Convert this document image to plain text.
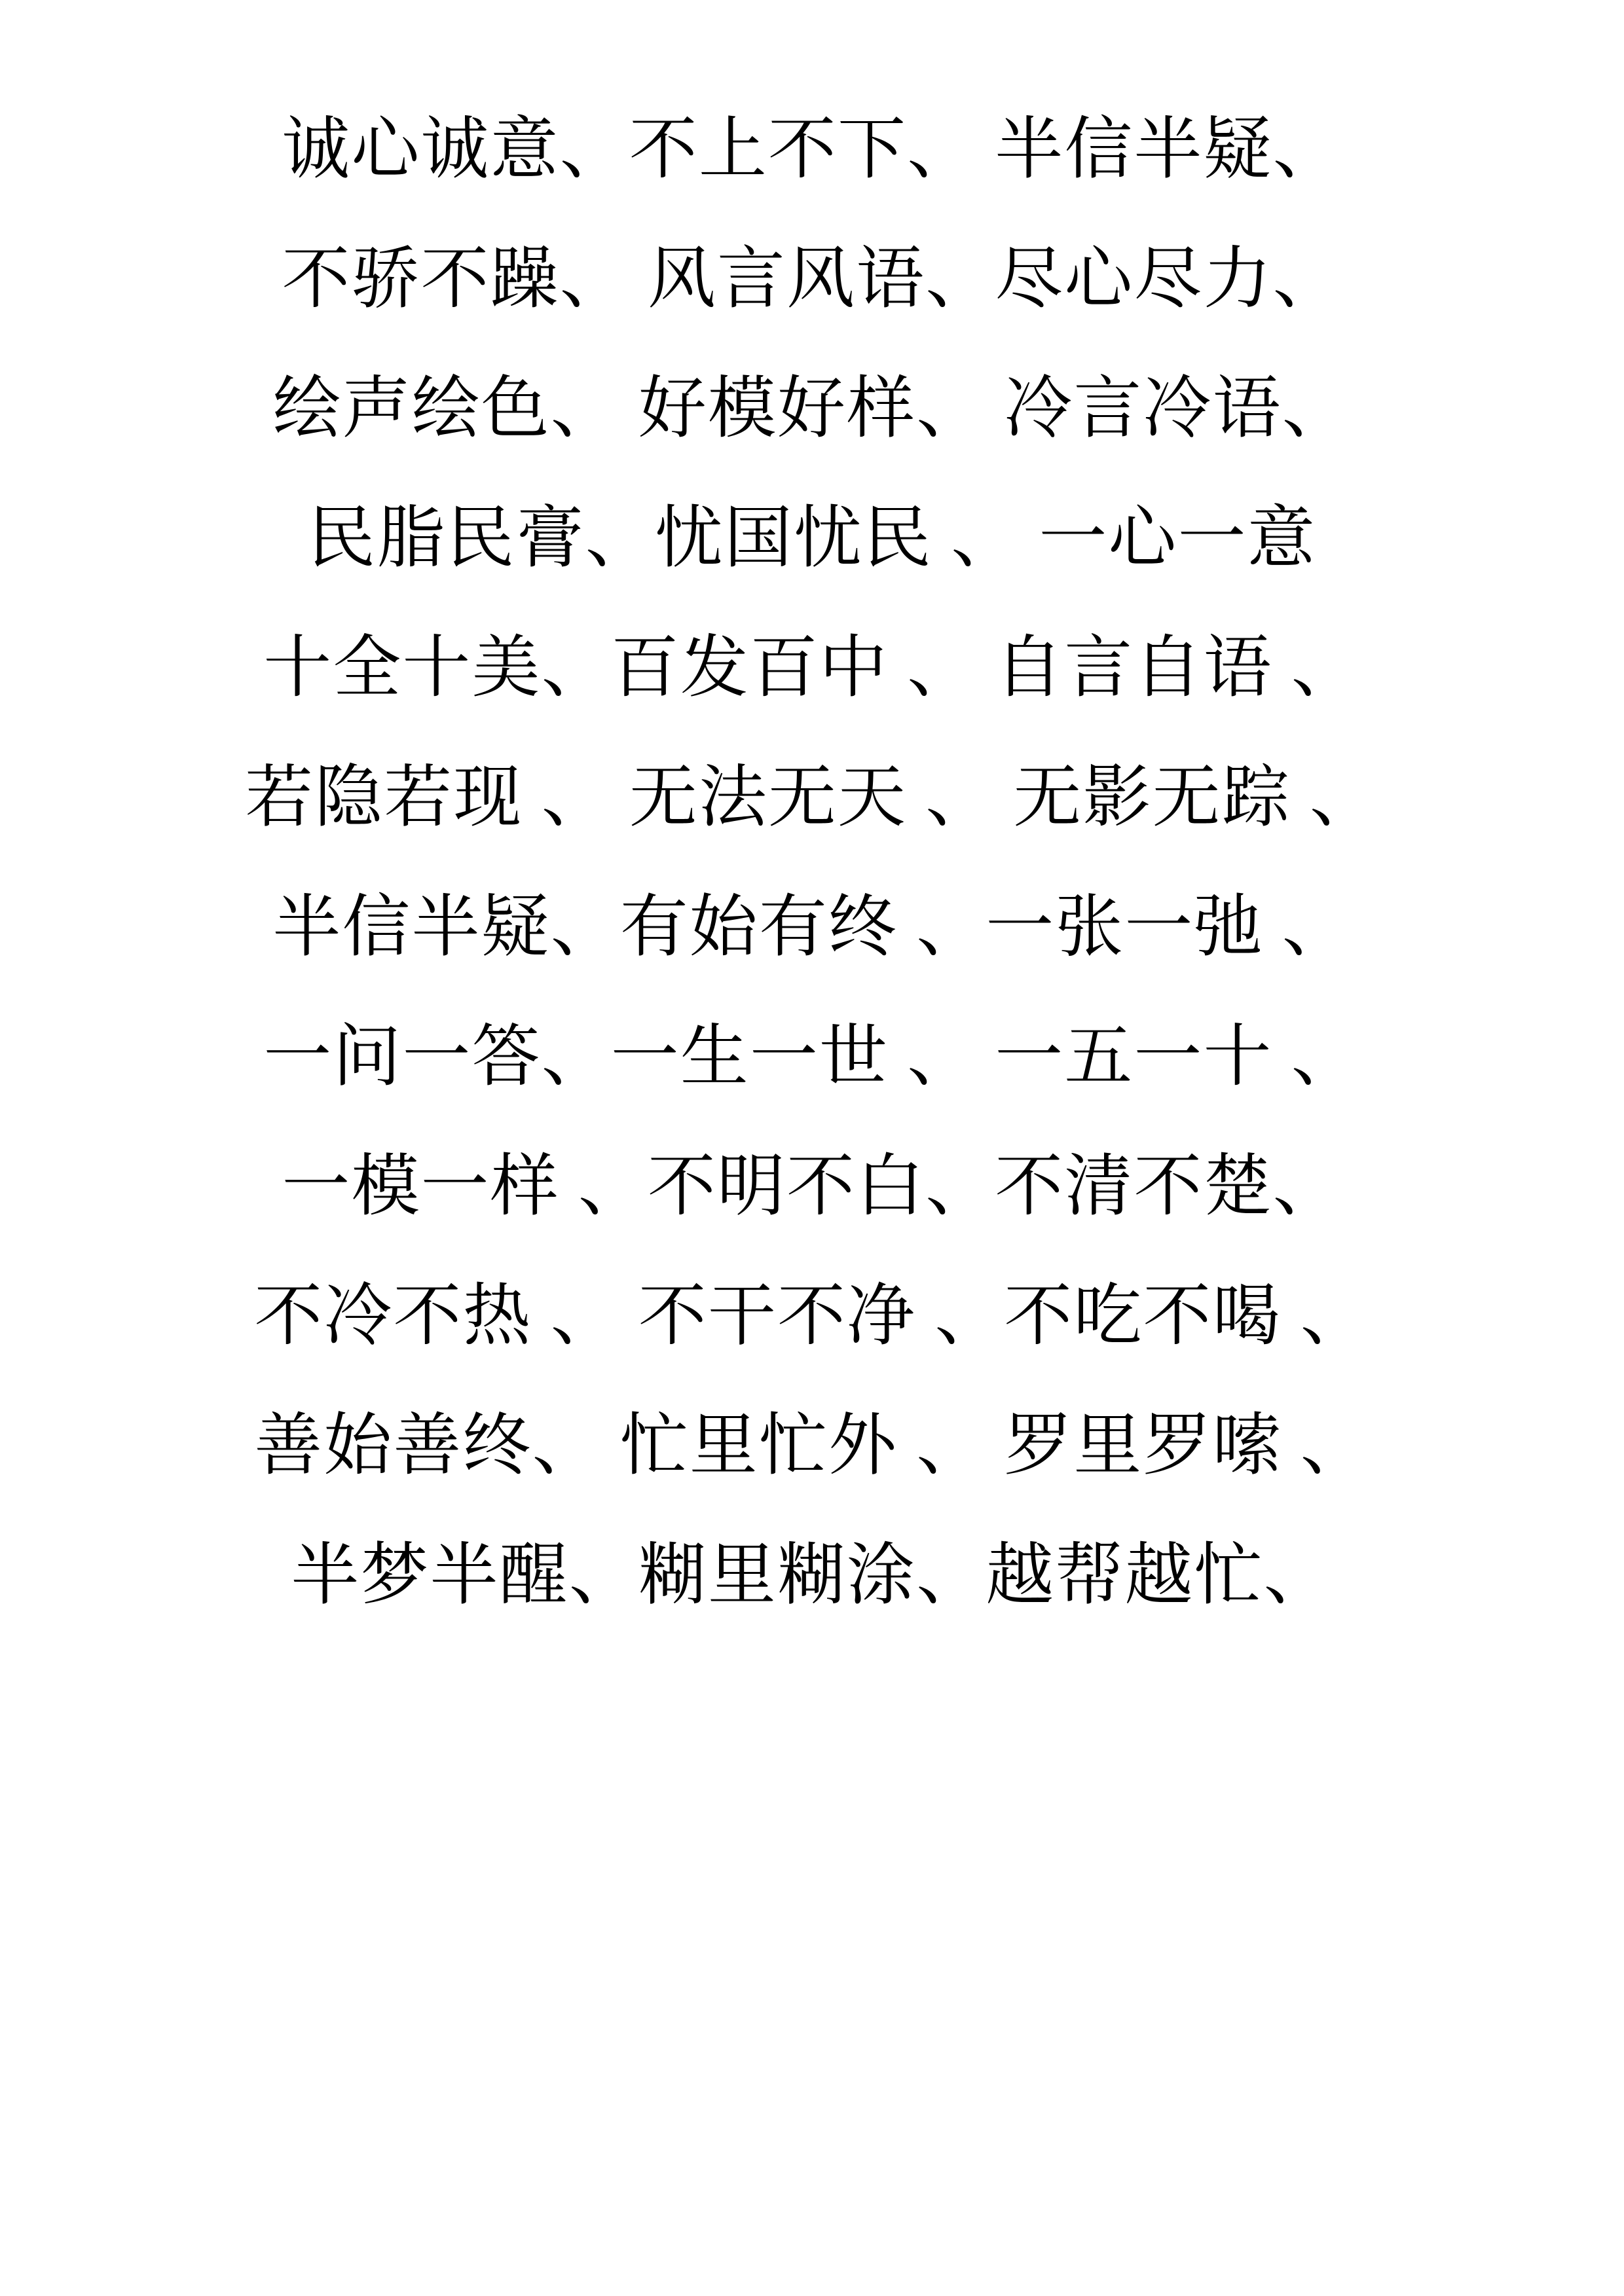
诚心诚意、不上不下、 半信半疑、
不骄不躁、 风言风语、尽心尽力、
绘声绘色、 好模好样、 冷言冷语、
民脂民膏、忧国忧民 、 一心一意
十全十美、百发百中 、 自言自语 、
若隐若现 、 无法无天 、 无影无踪 、
半信半疑、有始有终 、一张一弛 、
一问一答、一生一世 、 一五一十 、
一模一样 、不明不白、不清不楚、
不冷不热 、 不干不净 、不吃不喝 、
善始善终、 忙里忙外 、 罗里罗嗦 、
半梦半醒、糊里糊涂、越帮越忙、
